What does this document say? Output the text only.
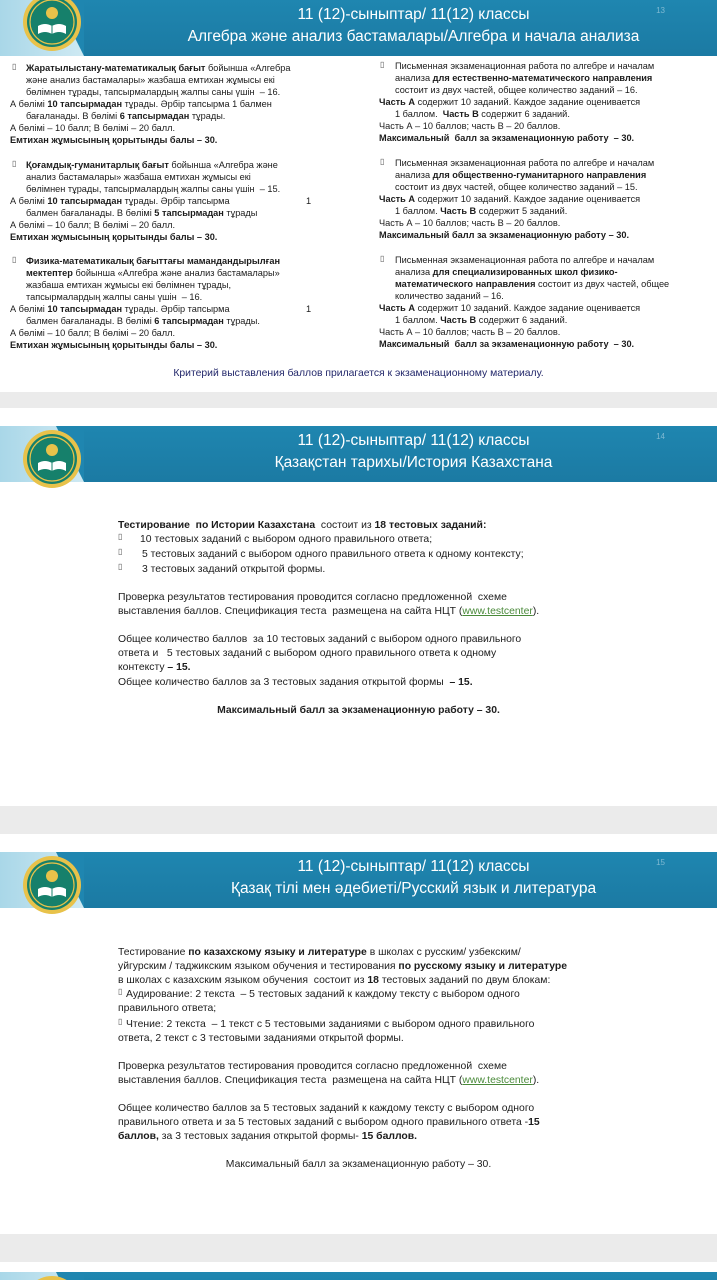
11 (12)-сыныптар/ 11(12) классы
Алгебра және анализ бастамалары/Алгебра и начала анализа
13
▯ Жаратылыстану-математикалық бағыт бойынша «Алгебра
және анализ бастамалары» жазбаша емтихан жұмысы екі
бөлімнен тұрады, тапсырмалардың жалпы саны үшін  – 16.
А бөлімі 10 тапсырмадан тұрады. Әрбір тапсырма 1 балмен
бағаланады. В бөлімі 6 тапсырмадан тұрады.
А бөлімі – 10 балл; В бөлімі – 20 балл.
Емтихан жұмысының қорытынды балы – 30.
▯ Қоғамдық-гуманитарлық бағыт бойынша «Алгебра және
анализ бастамалары» жазбаша емтихан жұмысы екі
бөлімнен тұрады, тапсырмалардың жалпы саны үшін  – 15.
А бөлімі 10 тапсырмадан тұрады. Әрбір тапсырма	1
балмен бағаланады. В бөлімі 5 тапсырмадан тұрады
А бөлімі – 10 балл; В бөлімі – 20 балл.
Емтихан жұмысының қорытынды балы – 30.
▯ Физика-математикалық бағыттағы мамандандырылған
мектептер бойынша «Алгебра және анализ бастамалары»
жазбаша емтихан жұмысы екі бөлімнен тұрады,
тапсырмалардың жалпы саны үшін  – 16.
А бөлімі 10 тапсырмадан тұрады. Әрбір тапсырма	1
балмен бағаланады. В бөлімі 6 тапсырмадан тұрады.
А бөлімі – 10 балл; В бөлімі – 20 балл.
Емтихан жұмысының қорытынды балы – 30.
▯ Письменная экзаменационная работа по алгебре и началам
анализа для естественно-математического направления
состоит из двух частей, общее количество заданий – 16.
Часть А содержит 10 заданий. Каждое задание оценивается
1 баллом.  Часть В содержит 6 заданий.
Часть А – 10 баллов; часть В – 20 баллов.
Максимальный  балл за экзаменационную работу  – 30.
▯ Письменная экзаменационная работа по алгебре и началам
анализа для общественно-гуманитарного направления
состоит из двух частей, общее количество заданий – 15.
Часть А содержит 10 заданий. Каждое задание оценивается
1 баллом. Часть В содержит 5 заданий.
Часть А – 10 баллов; часть В – 20 баллов.
Максимальный балл за экзаменационную работу – 30.
▯ Письменная экзаменационная работа по алгебре и началам
анализа для специализированных школ физико-
математического направления состоит из двух частей, общее
количество заданий – 16.
Часть А содержит 10 заданий. Каждое задание оценивается
1 баллом. Часть В содержит 6 заданий.
Часть А – 10 баллов; часть В – 20 баллов.
Максимальный  балл за экзаменационную работу  – 30.
Критерий выставления баллов прилагается к экзаменационному материалу.
11 (12)-сыныптар/ 11(12) классы
Қазақстан тарихы/История Казахстана
14
Тестирование  по Истории Казахстана  состоит из 18 тестовых заданий:
▯ 10 тестовых заданий с выбором одного правильного ответа;
▯ 5 тестовых заданий с выбором одного правильного ответа к одному контексту;
▯ 3 тестовых заданий открытой формы.
Проверка результатов тестирования проводится согласно предложенной  схеме
выставления баллов. Спецификация теста  размещена на сайта НЦТ (www.testcenter).
Общее количество баллов  за 10 тестовых заданий с выбором одного правильного
ответа и   5 тестовых заданий с выбором одного правильного ответа к одному
контексту – 15.
Общее количество баллов за 3 тестовых задания открытой формы  – 15.
Максимальный балл за экзаменационную работу – 30.
11 (12)-сыныптар/ 11(12) классы
Қазақ тілі мен әдебиеті/Русский язык и литература
15
Тестирование по казахскому языку и литературе в школах с русским/ узбекским/
уйгурским / таджикским языком обучения и тестирования по русскому языку и литературе
в школах с казахским языком обучения  состоит из 18 тестовых заданий по двум блокам:
▯ Аудирование: 2 текста  – 5 тестовых заданий к каждому тексту с выбором одного
правильного ответа;
▯ Чтение: 2 текста  – 1 текст с 5 тестовыми заданиями с выбором одного правильного
ответа, 2 текст с 3 тестовыми заданиями открытой формы.
Проверка результатов тестирования проводится согласно предложенной  схеме
выставления баллов. Спецификация теста  размещена на сайта НЦТ (www.testcenter).
Общее количество баллов за 5 тестовых заданий к каждому тексту с выбором одного
правильного ответа и за 5 тестовых заданий с выбором одного правильного ответа -15
баллов, за 3 тестовых задания открытой формы- 15 баллов.
Максимальный балл за экзаменационную работу – 30.
